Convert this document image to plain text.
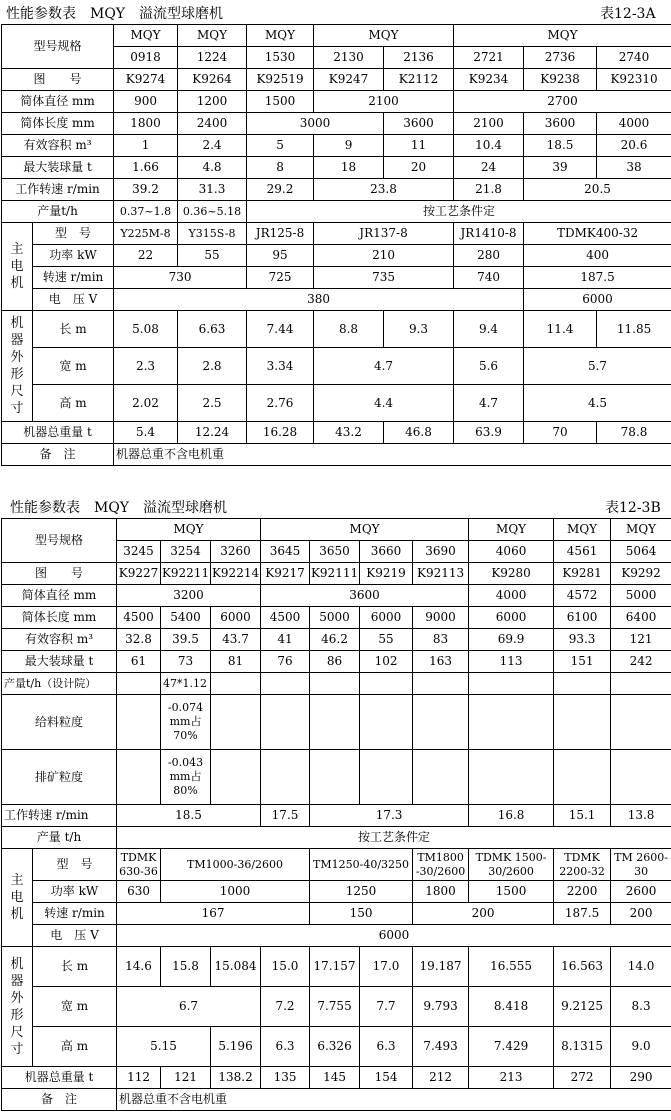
性能参数表　MQY　溢流型球磨机	表12-3A
型号规格		MQY	MQY	MQY	MQY		MQY		
		0918	1224	1530	2130	2136	2721	2736	2740
图　　号		K9274	K9264	K92519	K9247	K2112	K9234	K9238	K92310
简体直径 mm		900	1200	1500	2100		2700		
简体长度 mm		1800	2400	3000		3600	2100	3600	4000
有效容积 m³		1	2.4	5	9	11	10.4	18.5	20.6
最大装球量 t		1.66	4.8	8	18	20	24	39	38
工作转速 r/min		39.2	31.3	29.2	23.8		21.8	20.5	
产量t/h		0.37~1.8	0.36~5.18	按工艺条件定					
主电机	型　号	Y225M-8	Y315S-8	JR125-8	JR137-8		JR1410-8	TDMK400-32	
	功率 kW	22	55	95	210		280	400	
	转速 r/min	730		725	735		740	187.5	
	电　压 V	380						6000	
机器外形尺寸	长 m	5.08	6.63	7.44	8.8	9.3	9.4	11.4	11.85
	宽 m	2.3	2.8	3.34	4.7		5.6	5.7	
	高 m	2.02	2.5	2.76	4.4		4.7	4.5	
机器总重量 t		5.4	12.24	16.28	43.2	46.8	63.9	70	78.8
备　注		机器总重不含电机重							
性能参数表　MQY　溢流型球磨机	表12-3B
型号规格		MQY			MQY				MQY	MQY	MQY
		3245	3254	3260	3645	3650	3660	3690	4060	4561	5064
图　　号		K9227	K92211	K92214	K9217	K92111	K9219	K92113	K9280	K9281	K9292
简体直径 mm		3200			3600				4000	4572	5000
简体长度 mm		4500	5400	6000	4500	5000	6000	9000	6000	6100	6400
有效容积 m³		32.8	39.5	43.7	41	46.2	55	83	69.9	93.3	121
最大装球量 t		61	73	81	76	86	102	163	113	151	242
产量t/h（设计院）			47*1.12								
给料粒度			-0.074 mm占 70%								
排矿粒度			-0.043 mm占 80%								
工作转速 r/min		18.5			17.5	17.3			16.8	15.1	13.8
产量 t/h		按工艺条件定									
主电机	型　号	TDMK 630-36	TM1000-36/2600			TM1250-40/3250		TM1800 -30/2600	TDMK 1500-30/2600	TDMK 2200-32	TM 2600-30
	功率 kW	630	1000			1250		1800	1500	2200	2600
	转速 r/min	167				150		200		187.5	200
	电　压 V	6000									
机器外形尺寸	长 m	14.6	15.8	15.084	15.0	17.157	17.0	19.187	16.555	16.563	14.0
	宽 m	6.7			7.2	7.755	7.7	9.793	8.418	9.2125	8.3
	高 m	5.15		5.196	6.3	6.326	6.3	7.493	7.429	8.1315	9.0
机器总重量 t		112	121	138.2	135	145	154	212	213	272	290
备　注		机器总重不含电机重									
